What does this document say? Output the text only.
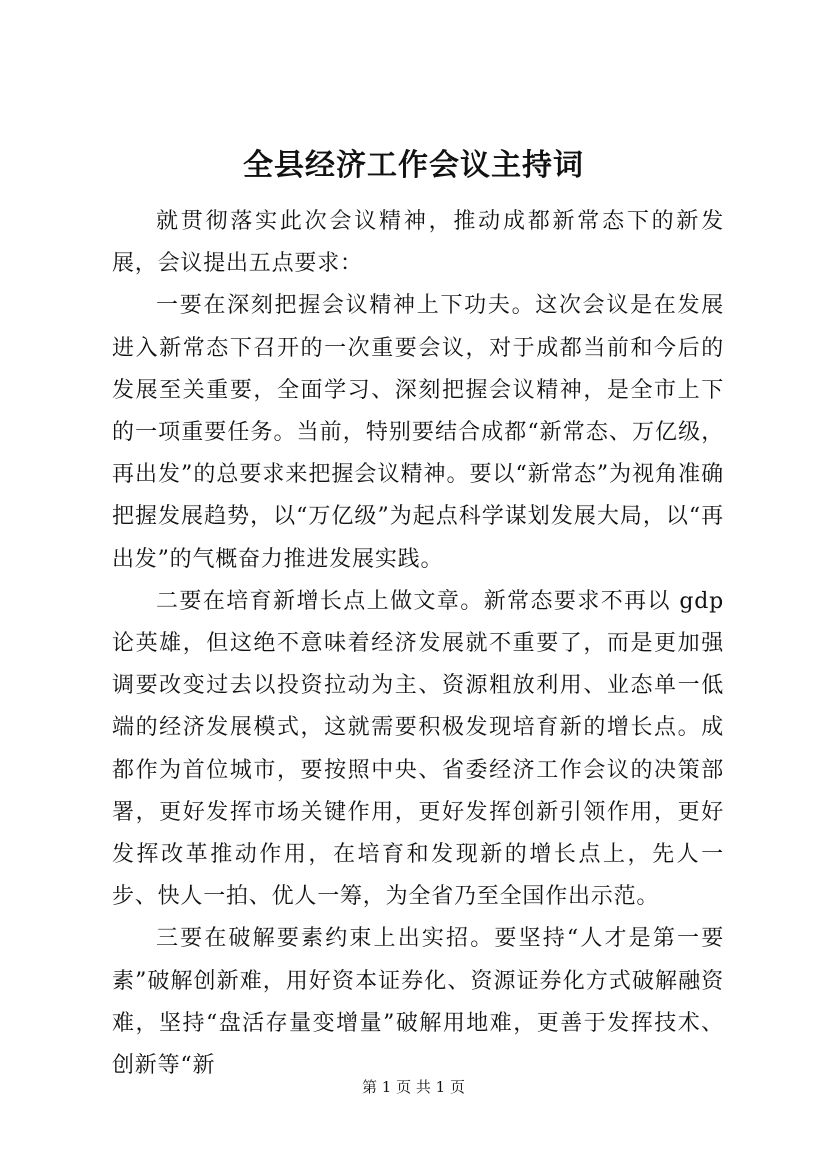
全县经济工作会议主持词

就贯彻落实此次会议精神，推动成都新常态下的新发展，会议提出五点要求：

一要在深刻把握会议精神上下功夫。这次会议是在发展进入新常态下召开的一次重要会议，对于成都当前和今后的发展至关重要，全面学习、深刻把握会议精神，是全市上下的一项重要任务。当前，特别要结合成都“新常态、万亿级，再出发”的总要求来把握会议精神。要以“新常态”为视角准确把握发展趋势，以“万亿级”为起点科学谋划发展大局，以“再出发”的气概奋力推进发展实践。

二要在培育新增长点上做文章。新常态要求不再以 gdp 论英雄，但这绝不意味着经济发展就不重要了，而是更加强调要改变过去以投资拉动为主、资源粗放利用、业态单一低端的经济发展模式，这就需要积极发现培育新的增长点。成都作为首位城市，要按照中央、省委经济工作会议的决策部署，更好发挥市场关键作用，更好发挥创新引领作用，更好发挥改革推动作用，在培育和发现新的增长点上，先人一步、快人一拍、优人一筹，为全省乃至全国作出示范。

三要在破解要素约束上出实招。要坚持“人才是第一要素”破解创新难，用好资本证券化、资源证券化方式破解融资难，坚持“盘活存量变增量”破解用地难，更善于发挥技术、创新等“新

第 1 页 共 1 页
